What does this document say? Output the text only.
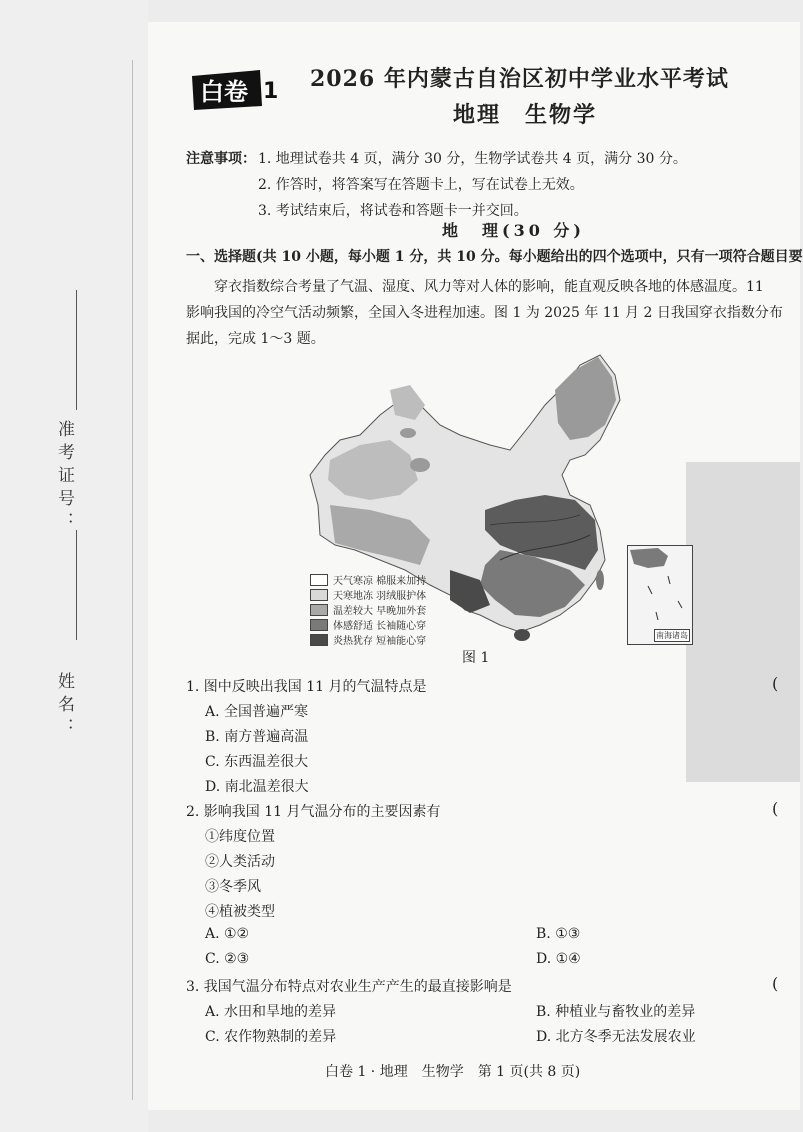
准考证号：
姓名：
白卷 1 2026 年内蒙古自治区初中学业水平考试
地理　生物学
注意事项： 1. 地理试卷共 4 页，满分 30 分，生物学试卷共 4 页，满分 30 分。
2. 作答时，将答案写在答题卡上，写在试卷上无效。
3. 考试结束后，将试卷和答题卡一并交回。
地　理(30 分)
一、选择题(共 10 小题，每小题 1 分，共 10 分。每小题给出的四个选项中，只有一项符合题目要
穿衣指数综合考量了气温、湿度、风力等对人体的影响，能直观反映各地的体感温度。11
影响我国的冷空气活动频繁，全国入冬进程加速。图 1 为 2025 年 11 月 2 日我国穿衣指数分布
据此，完成 1～3 题。
南海诸岛
天气寒凉 棉服来加持
天寒地冻 羽绒服护体
温差较大 早晚加外套
体感舒适 长袖随心穿
炎热犹存 短袖能心穿
图 1
1. 图中反映出我国 11 月的气温特点是	(
A. 全国普遍严寒
B. 南方普遍高温
C. 东西温差很大
D. 南北温差很大
2. 影响我国 11 月气温分布的主要因素有	(
①纬度位置
②人类活动
③冬季风
④植被类型
A. ①②	B. ①③
C. ②③	D. ①④
3. 我国气温分布特点对农业生产产生的最直接影响是	(
A. 水田和旱地的差异	B. 种植业与畜牧业的差异
C. 农作物熟制的差异	D. 北方冬季无法发展农业
白卷 1 · 地理　生物学　第 1 页(共 8 页)
